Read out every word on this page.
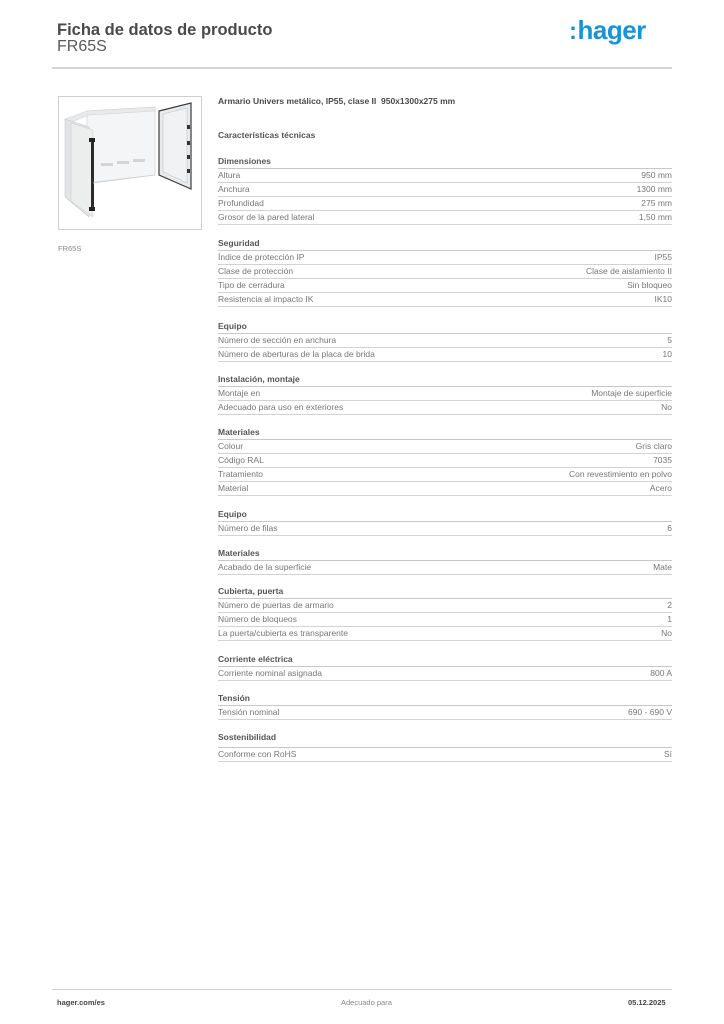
Ficha de datos de producto
FR65S
:hager
FR65S
Armario Univers metálico, IP55, clase II  950x1300x275 mm
Características técnicas
Dimensiones
Altura	950 mm
Anchura	1300 mm
Profundidad	275 mm
Grosor de la pared lateral	1,50 mm
Seguridad
Índice de protección IP	IP55
Clase de protección	Clase de aislamiento II
Tipo de cerradura	Sin bloqueo
Resistencia al impacto IK	IK10
Equipo
Número de sección en anchura	5
Número de aberturas de la placa de brida	10
Instalación, montaje
Montaje en	Montaje de superficie
Adecuado para uso en exteriores	No
Materiales
Colour	Gris claro
Código RAL	7035
Tratamiento	Con revestimiento en polvo
Material	Acero
Equipo
Número de filas	6
Materiales
Acabado de la superficie	Mate
Cubierta, puerta
Número de puertas de armario	2
Número de bloqueos	1
La puerta/cubierta es transparente	No
Corriente eléctrica
Corriente nominal asignada	800 A
Tensión
Tensión nominal	690 - 690 V
Sostenibilidad
Conforme con RoHS	Sí
hager.com/es	Adecuado para	05.12.2025
